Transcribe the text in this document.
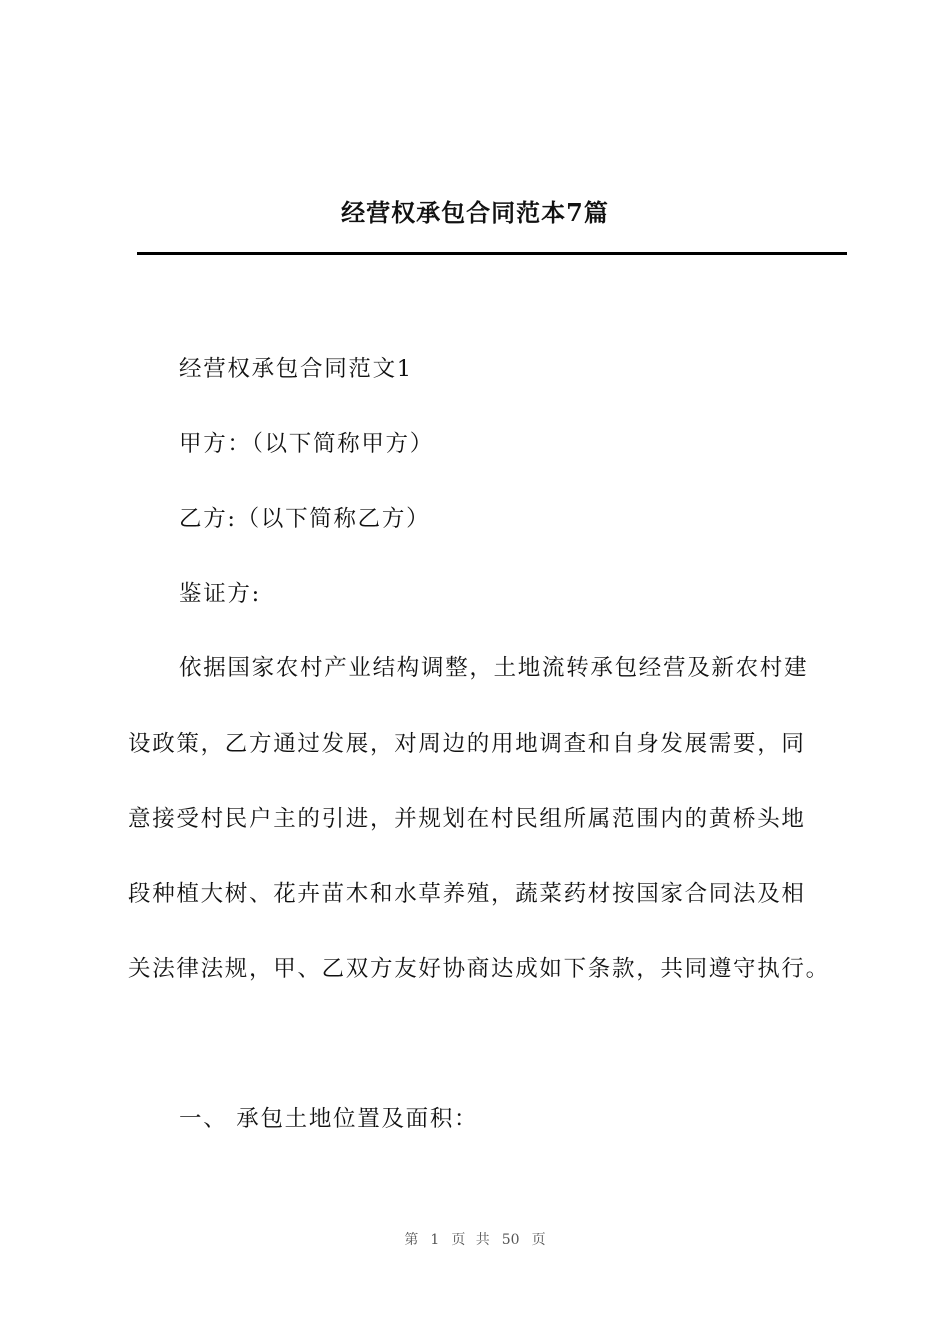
经营权承包合同范本7篇
经营权承包合同范文1
甲方：（以下简称甲方）
乙方:（以下简称乙方）
鉴证方:
依据国家农村产业结构调整，土地流转承包经营及新农村建
设政策，乙方通过发展，对周边的用地调查和自身发展需要，同
意接受村民户主的引进，并规划在村民组所属范围内的黄桥头地
段种植大树、花卉苗木和水草养殖，蔬菜药材按国家合同法及相
关法律法规，甲、乙双方友好协商达成如下条款，共同遵守执行。
一、 承包土地位置及面积：
第 1 页 共 50 页
